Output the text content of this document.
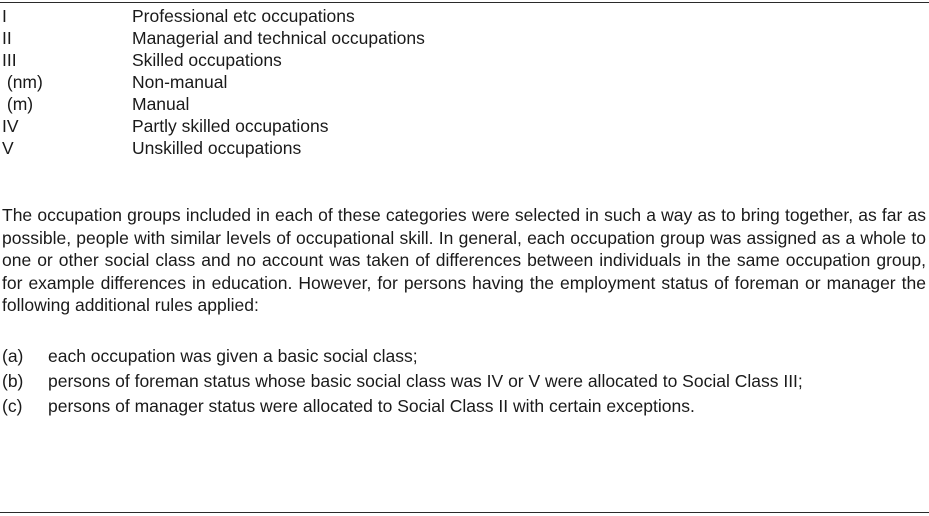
I	Professional etc occupations
II	Managerial and technical occupations
III	Skilled occupations
(nm)	Non-manual
(m)	Manual
IV	Partly skilled occupations
V	Unskilled occupations

The occupation groups included in each of these categories were selected in such a way as to bring together, as far as possible, people with similar levels of occupational skill. In general, each occupation group was assigned as a whole to one or other social class and no account was taken of differences between individuals in the same occupation group, for example differences in education. However, for persons having the employment status of foreman or manager the following additional rules applied:

(a)	each occupation was given a basic social class;
(b)	persons of foreman status whose basic social class was IV or V were allocated to Social Class III;
(c)	persons of manager status were allocated to Social Class II with certain exceptions.
